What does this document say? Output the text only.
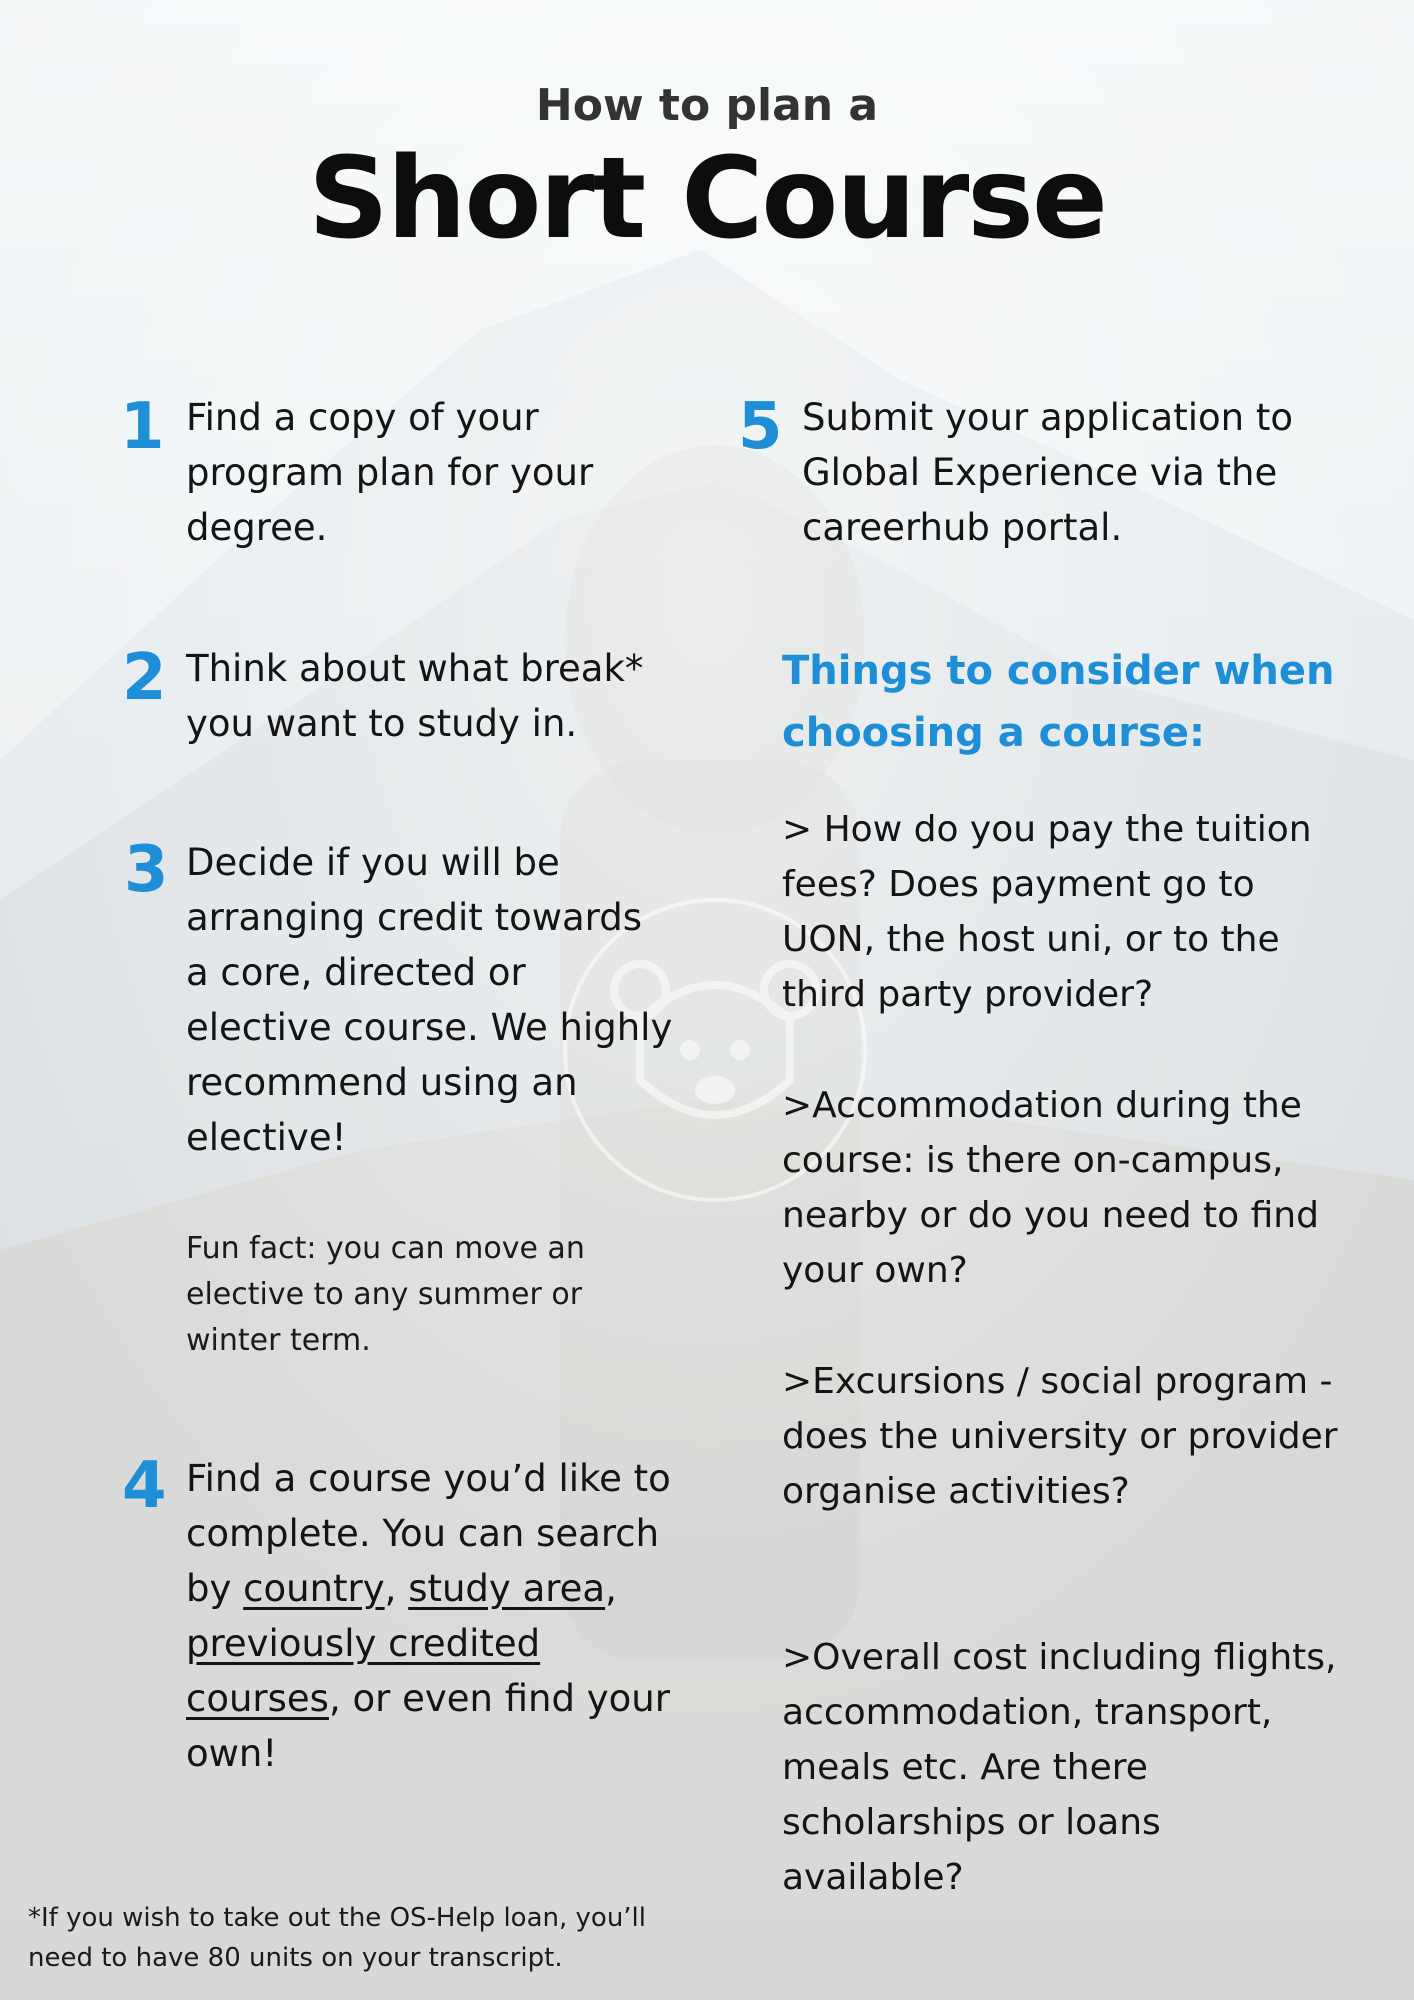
How to plan a
Short Course
1 Find a copy of your program plan for your degree.

2 Think about what break* you want to study in.

3 Decide if you will be arranging credit towards a core, directed or elective course. We highly recommend using an elective!

Fun fact: you can move an elective to any summer or winter term.

4 Find a course you’d like to complete. You can search by country, study area, previously credited courses, or even find your own!

5 Submit your application to Global Experience via the careerhub portal.

Things to consider when choosing a course:

> How do you pay the tuition fees? Does payment go to UON, the host uni, or to the third party provider?

>Accommodation during the course: is there on-campus, nearby or do you need to find your own?

>Excursions / social program - does the university or provider organise activities?

>Overall cost including flights, accommodation, transport, meals etc. Are there scholarships or loans available?

*If you wish to take out the OS-Help loan, you’ll need to have 80 units on your transcript.
